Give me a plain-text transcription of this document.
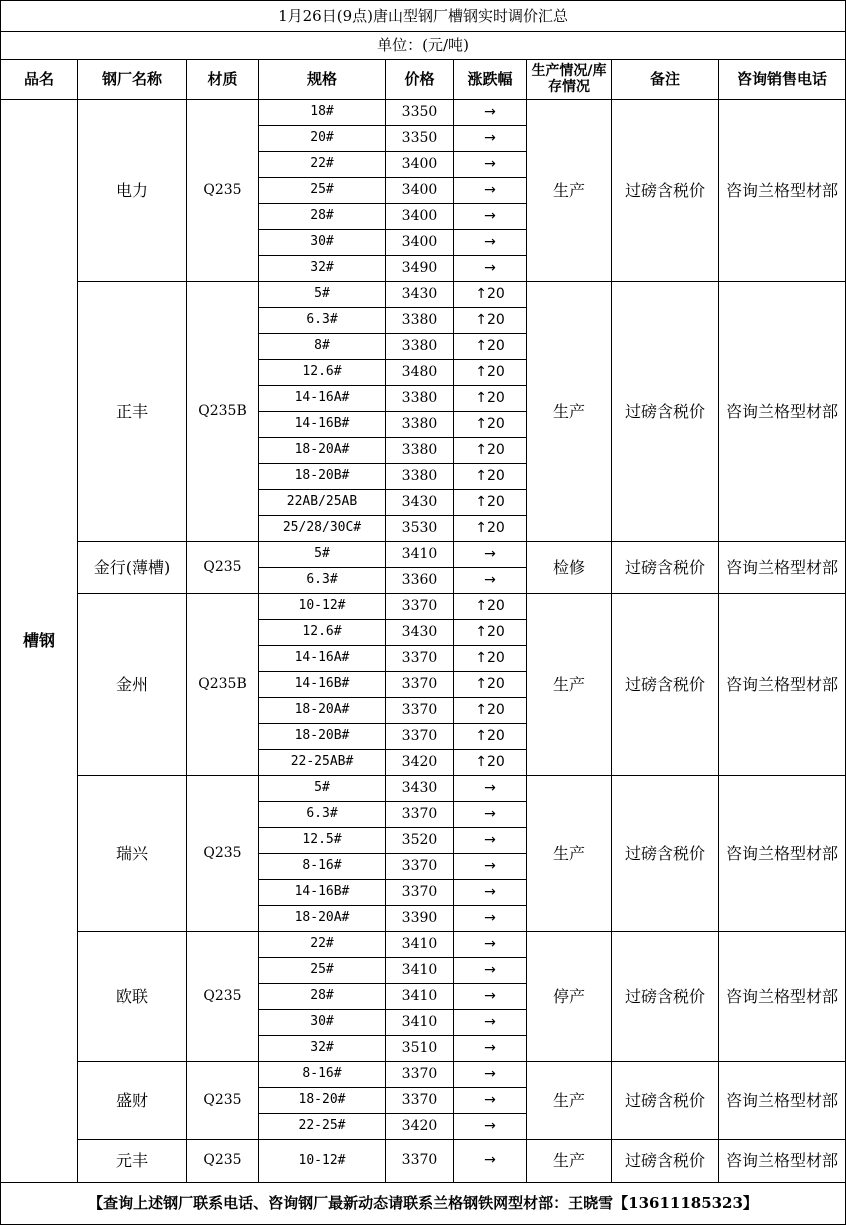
1月26日(9点)唐山型钢厂槽钢实时调价汇总								
单位：(元/吨)								
品名	钢厂名称	材质	规格	价格	涨跌幅	生产情况/库存情况	备注	咨询销售电话
槽钢	电力	Q235	18#	3350	→	生产	过磅含税价	咨询兰格型材部
			20#	3350	→			
			22#	3400	→			
			25#	3400	→			
			28#	3400	→			
			30#	3400	→			
			32#	3490	→			
	正丰	Q235B	5#	3430	↑20	生产	过磅含税价	咨询兰格型材部
			6.3#	3380	↑20			
			8#	3380	↑20			
			12.6#	3480	↑20			
			14-16A#	3380	↑20			
			14-16B#	3380	↑20			
			18-20A#	3380	↑20			
			18-20B#	3380	↑20			
			22AB/25AB	3430	↑20			
			25/28/30C#	3530	↑20			
	金行(薄槽)	Q235	5#	3410	→	检修	过磅含税价	咨询兰格型材部
			6.3#	3360	→			
	金州	Q235B	10-12#	3370	↑20	生产	过磅含税价	咨询兰格型材部
			12.6#	3430	↑20			
			14-16A#	3370	↑20			
			14-16B#	3370	↑20			
			18-20A#	3370	↑20			
			18-20B#	3370	↑20			
			22-25AB#	3420	↑20			
	瑞兴	Q235	5#	3430	→	生产	过磅含税价	咨询兰格型材部
			6.3#	3370	→			
			12.5#	3520	→			
			8-16#	3370	→			
			14-16B#	3370	→			
			18-20A#	3390	→			
	欧联	Q235	22#	3410	→	停产	过磅含税价	咨询兰格型材部
			25#	3410	→			
			28#	3410	→			
			30#	3410	→			
			32#	3510	→			
	盛财	Q235	8-16#	3370	→	生产	过磅含税价	咨询兰格型材部
			18-20#	3370	→			
			22-25#	3420	→			
	元丰	Q235	10-12#	3370	→	生产	过磅含税价	咨询兰格型材部
【查询上述钢厂联系电话、咨询钢厂最新动态请联系兰格钢铁网型材部：王晓雪【13611185323】								
